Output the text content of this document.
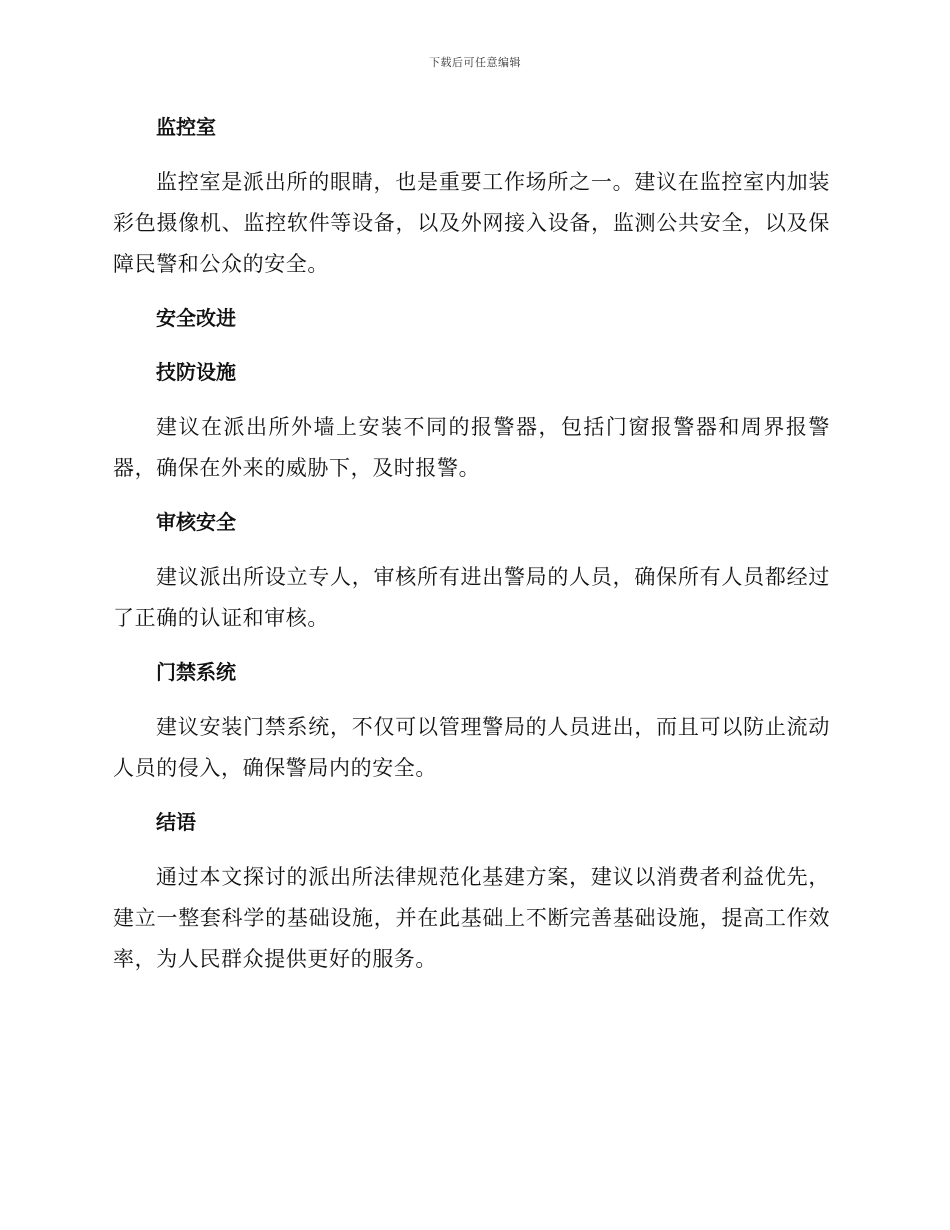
下载后可任意编辑
监控室

监控室是派出所的眼睛，也是重要工作场所之一。建议在监控室内加装彩色摄像机、监控软件等设备，以及外网接入设备，监测公共安全，以及保障民警和公众的安全。

安全改进
技防设施

建议在派出所外墙上安装不同的报警器，包括门窗报警器和周界报警器，确保在外来的威胁下，及时报警。

审核安全

建议派出所设立专人，审核所有进出警局的人员，确保所有人员都经过了正确的认证和审核。

门禁系统

建议安装门禁系统，不仅可以管理警局的人员进出，而且可以防止流动人员的侵入，确保警局内的安全。

结语

通过本文探讨的派出所法律规范化基建方案，建议以消费者利益优先，建立一整套科学的基础设施，并在此基础上不断完善基础设施，提高工作效率，为人民群众提供更好的服务。
